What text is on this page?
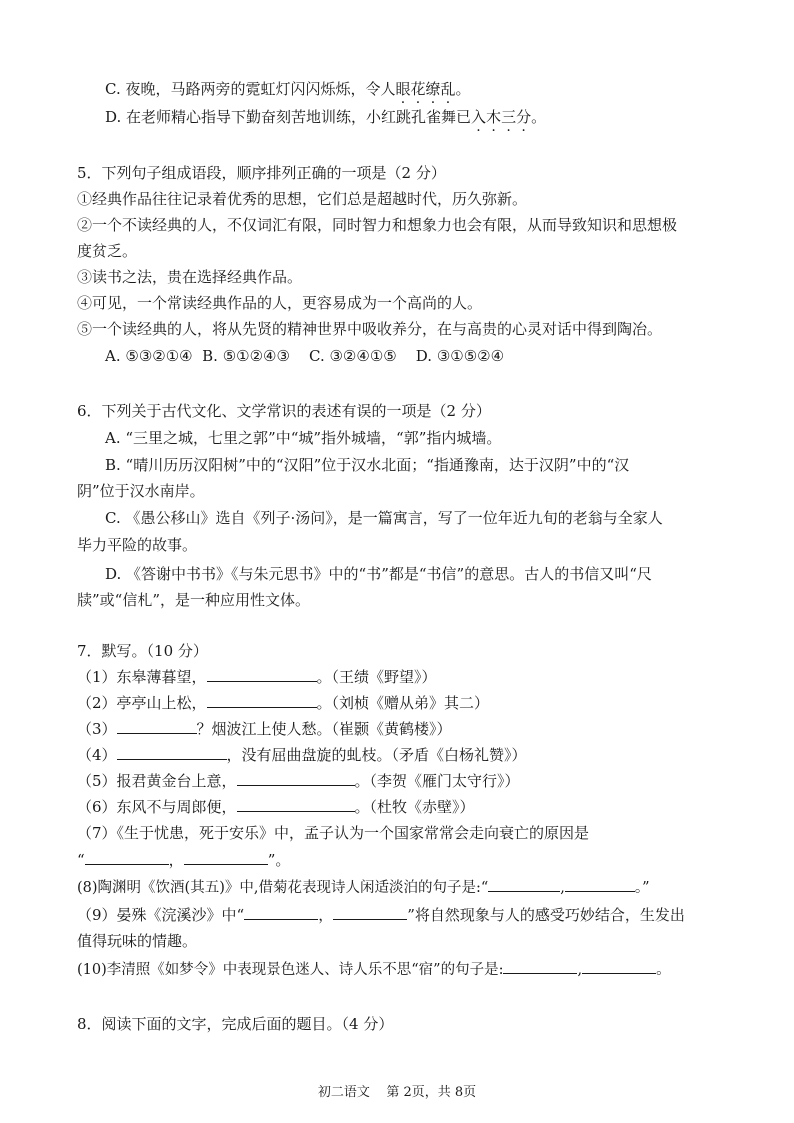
C. 夜晚，马路两旁的霓虹灯闪闪烁烁，令人眼花缭乱。
D. 在老师精心指导下勤奋刻苦地训练，小红跳孔雀舞已入木三分。
5．下列句子组成语段，顺序排列正确的一项是（2 分）
①经典作品往往记录着优秀的思想，它们总是超越时代，历久弥新。
②一个不读经典的人，不仅词汇有限，同时智力和想象力也会有限，从而导致知识和思想极
度贫乏。
③读书之法，贵在选择经典作品。
④可见，一个常读经典作品的人，更容易成为一个高尚的人。
⑤一个读经典的人，将从先贤的精神世界中吸收养分，在与高贵的心灵对话中得到陶冶。
A. ⑤③②①④  B. ⑤①②④③    C. ③②④①⑤    D. ③①⑤②④
6．下列关于古代文化、文学常识的表述有误的一项是（2 分）
A. “三里之城，七里之郭”中“城”指外城墙，“郭”指内城墙。
B. “晴川历历汉阳树”中的“汉阳”位于汉水北面；“指通豫南，达于汉阴”中的“汉
阴”位于汉水南岸。
C. 《愚公移山》选自《列子·汤问》，是一篇寓言，写了一位年近九旬的老翁与全家人
毕力平险的故事。
D. 《答谢中书书》《与朱元思书》中的“书”都是“书信”的意思。古人的书信又叫“尺
牍”或“信札”，是一种应用性文体。
7．默写。（10 分）
（1）东皋薄暮望，	。（王绩《野望》）
（2）亭亭山上松，	。（刘桢《赠从弟》其二）
（3）	？烟波江上使人愁。（崔颢《黄鹤楼》）
（4）	，没有屈曲盘旋的虬枝。（矛盾《白杨礼赞》）
（5）报君黄金台上意，	。（李贺《雁门太守行》）
（6）东风不与周郎便，	。（杜牧《赤壁》）
（7）《生于忧患，死于安乐》中，孟子认为一个国家常常会走向衰亡的原因是
“	，	”。
(8)陶渊明《饮酒(其五)》中,借菊花表现诗人闲适淡泊的句子是:“	,	。”
（9）晏殊《浣溪沙》中“	，	”将自然现象与人的感受巧妙结合，生发出
值得玩味的情趣。
(10)李清照《如梦令》中表现景色迷人、诗人乐不思“宿”的句子是:	,	。
8．阅读下面的文字，完成后面的题目。（4 分）
初二语文    第 2页，共 8页
